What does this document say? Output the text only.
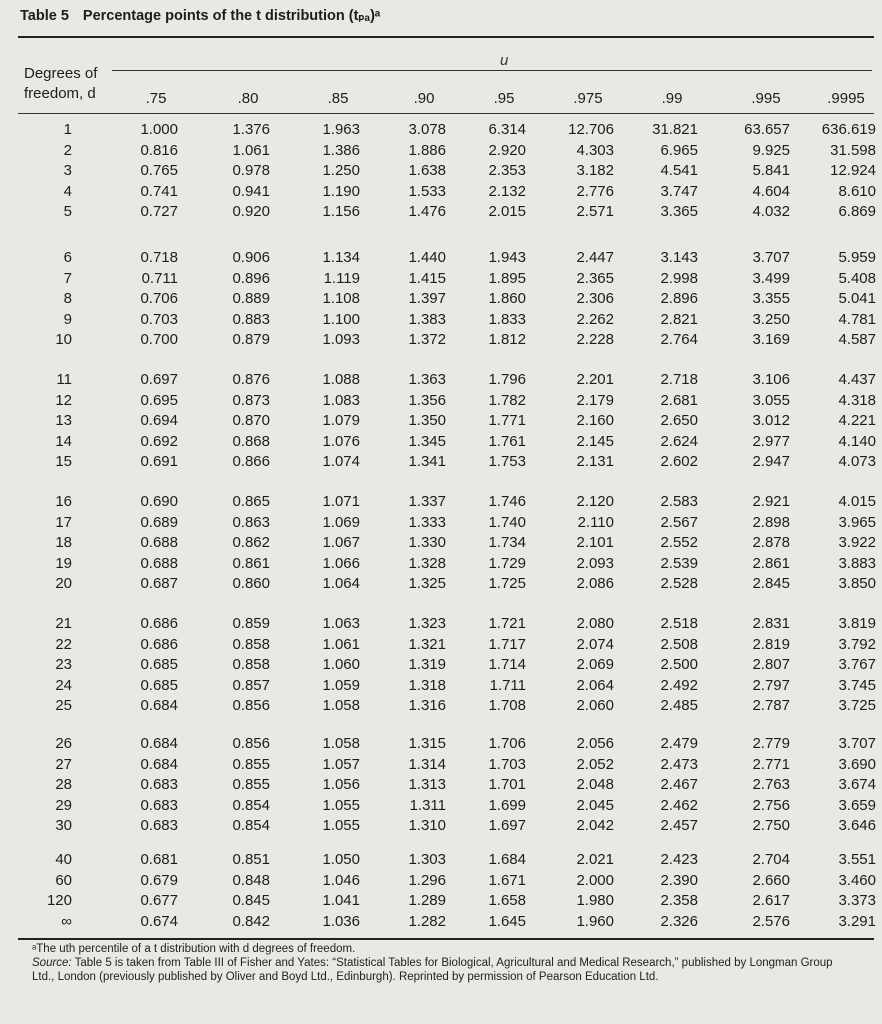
Table 5 Percentage points of the t distribution (tₚₐ)ᵃ
u
Degrees of
freedom, d	.75	.80	.85	.90	.95	.975	.99	.995	.9995
1	1.000	1.376	1.963	3.078	6.314	12.706	31.821	63.657 636.619
2	0.816	1.061	1.386	1.886	2.920	4.303	6.965	9.925	31.598
3	0.765	0.978	1.250	1.638	2.353	3.182	4.541	5.841	12.924
4	0.741	0.941	1.190	1.533	2.132	2.776	3.747	4.604	8.610
5	0.727	0.920	1.156	1.476	2.015	2.571	3.365	4.032	6.869
6	0.718	0.906	1.134	1.440	1.943	2.447	3.143	3.707	5.959
7	0.711	0.896	1.119	1.415	1.895	2.365	2.998	3.499	5.408
8	0.706	0.889	1.108	1.397	1.860	2.306	2.896	3.355	5.041
9	0.703	0.883	1.100	1.383	1.833	2.262	2.821	3.250	4.781
10	0.700	0.879	1.093	1.372	1.812	2.228	2.764	3.169	4.587
11	0.697	0.876	1.088	1.363	1.796	2.201	2.718	3.106	4.437
12	0.695	0.873	1.083	1.356	1.782	2.179	2.681	3.055	4.318
13	0.694	0.870	1.079	1.350	1.771	2.160	2.650	3.012	4.221
14	0.692	0.868	1.076	1.345	1.761	2.145	2.624	2.977	4.140
15	0.691	0.866	1.074	1.341	1.753	2.131	2.602	2.947	4.073
16	0.690	0.865	1.071	1.337	1.746	2.120	2.583	2.921	4.015
17	0.689	0.863	1.069	1.333	1.740	2.110	2.567	2.898	3.965
18	0.688	0.862	1.067	1.330	1.734	2.101	2.552	2.878	3.922
19	0.688	0.861	1.066	1.328	1.729	2.093	2.539	2.861	3.883
20	0.687	0.860	1.064	1.325	1.725	2.086	2.528	2.845	3.850
21	0.686	0.859	1.063	1.323	1.721	2.080	2.518	2.831	3.819
22	0.686	0.858	1.061	1.321	1.717	2.074	2.508	2.819	3.792
23	0.685	0.858	1.060	1.319	1.714	2.069	2.500	2.807	3.767
24	0.685	0.857	1.059	1.318	1.711	2.064	2.492	2.797	3.745
25	0.684	0.856	1.058	1.316	1.708	2.060	2.485	2.787	3.725
26	0.684	0.856	1.058	1.315	1.706	2.056	2.479	2.779	3.707
27	0.684	0.855	1.057	1.314	1.703	2.052	2.473	2.771	3.690
28	0.683	0.855	1.056	1.313	1.701	2.048	2.467	2.763	3.674
29	0.683	0.854	1.055	1.311	1.699	2.045	2.462	2.756	3.659
30	0.683	0.854	1.055	1.310	1.697	2.042	2.457	2.750	3.646
40	0.681	0.851	1.050	1.303	1.684	2.021	2.423	2.704	3.551
60	0.679	0.848	1.046	1.296	1.671	2.000	2.390	2.660	3.460
120	0.677	0.845	1.041	1.289	1.658	1.980	2.358	2.617	3.373
∞	0.674	0.842	1.036	1.282	1.645	1.960	2.326	2.576	3.291
ᵃThe uth percentile of a t distribution with d degrees of freedom.
Source: Table 5 is taken from Table III of Fisher and Yates: “Statistical Tables for Biological, Agricultural and Medical Research,” published by Longman Group Ltd., London (previously published by Oliver and Boyd Ltd., Edinburgh). Reprinted by permission of Pearson Education Ltd.
